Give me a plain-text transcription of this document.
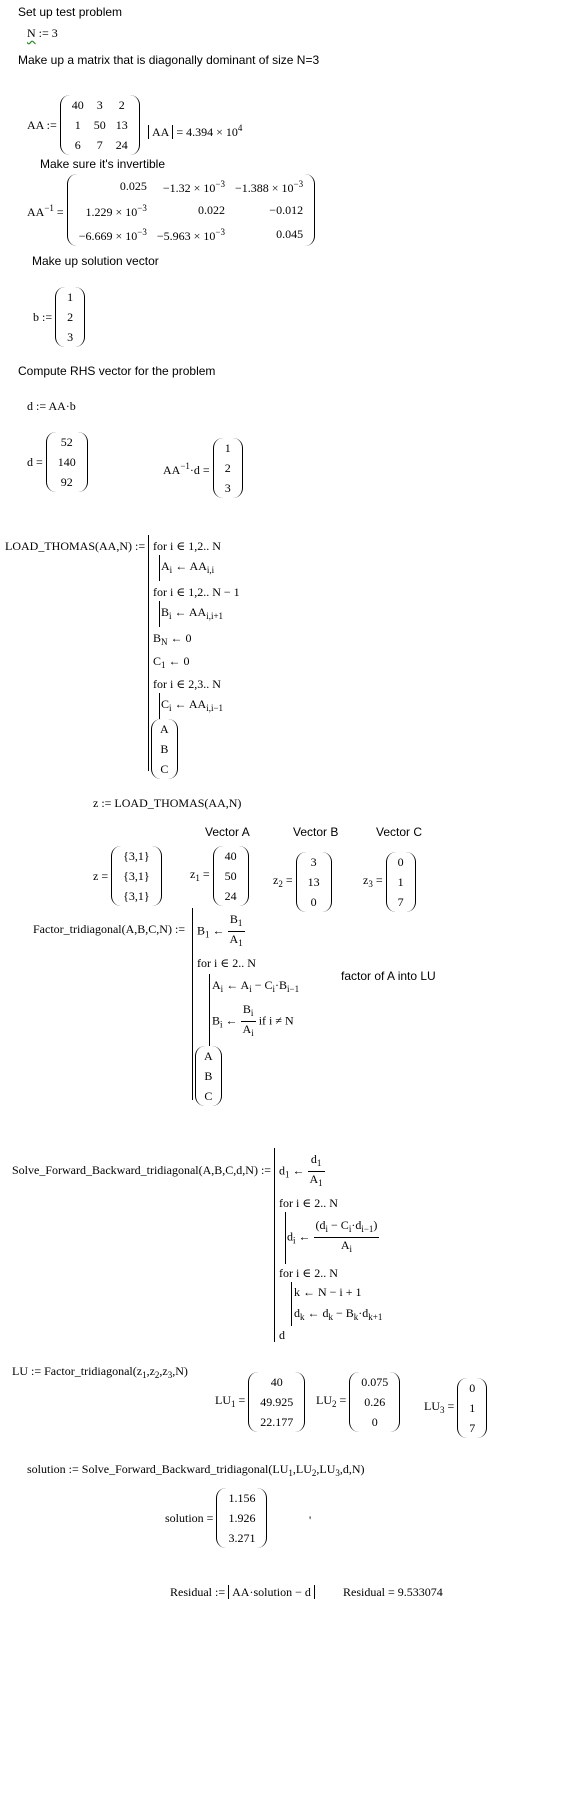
Set up test problem
N := 3
Make up a matrix that is diagonally dominant of size N=3
AA :=
40	3	2
1	50	13
6	7	24
AA = $4.394 \times 10^4$
Make sure it's invertible
$AA^{-1}$ =
0.025	$-1.32 \times 10^{-3}$	$-1.388 \times 10^{-3}$
$1.229 \times 10^{-3}$	0.022	−0.012
$-6.669 \times 10^{-3}$	$-5.963 \times 10^{-3}$	0.045
Make up solution vector
b :=
1
2
3
Compute RHS vector for the problem
d := AA·b
d =
52
140
92
$AA^{-1}\cdot d$ =
1
2
3
LOAD_THOMAS(AA,N) := for i ∈ 1,2.. N
$A_i$ ← $AA_{i,i}$
for i ∈ 1,2.. N − 1
$B_i$ ← $AA_{i,i+1}$
$B_N$ ← 0
$C_1$ ← 0
for i ∈ 2,3.. N
$C_i$ ← $AA_{i,i-1}$
A
B
C
z := LOAD_THOMAS(AA,N)
Vector A	Vector B	Vector C
z =
{3,1}
{3,1}
{3,1}
$z_1$ =
40
50
24
$z_2$ =
3
13
0
$z_3$ =
0
1
7
Factor_tridiagonal(A,B,C,N) := $B_1$ ← $\frac{B_1}{A_1}$
for i ∈ 2.. N
$A_i$ ← $A_i - C_i\cdot B_{i-1}$
$B_i$ ← $\frac{B_i}{A_i}$ if i ≠ N
A
B
C
factor of A into LU
Solve_Forward_Backward_tridiagonal(A,B,C,d,N) := $d_1$ ← $\frac{d_1}{A_1}$
for i ∈ 2.. N
$d_i$ ← $\frac{(d_i - C_i\cdot d_{i-1})}{A_i}$
for i ∈ 2.. N
k ← N − i + 1
$d_k$ ← $d_k - B_k\cdot d_{k+1}$
d
LU := $Factor\_tridiagonal(z_1,z_2,z_3,N)$
$LU_1$ =
40
49.925
22.177
$LU_2$ =
0.075
0.26
0
$LU_3$ =
0
1
7
solution := $Solve\_Forward\_Backward\_tridiagonal(LU_1,LU_2,LU_3,d,N)$
solution =
1.156
1.926
3.271
'
Residual := AA·solution − d	Residual = 9.533074
